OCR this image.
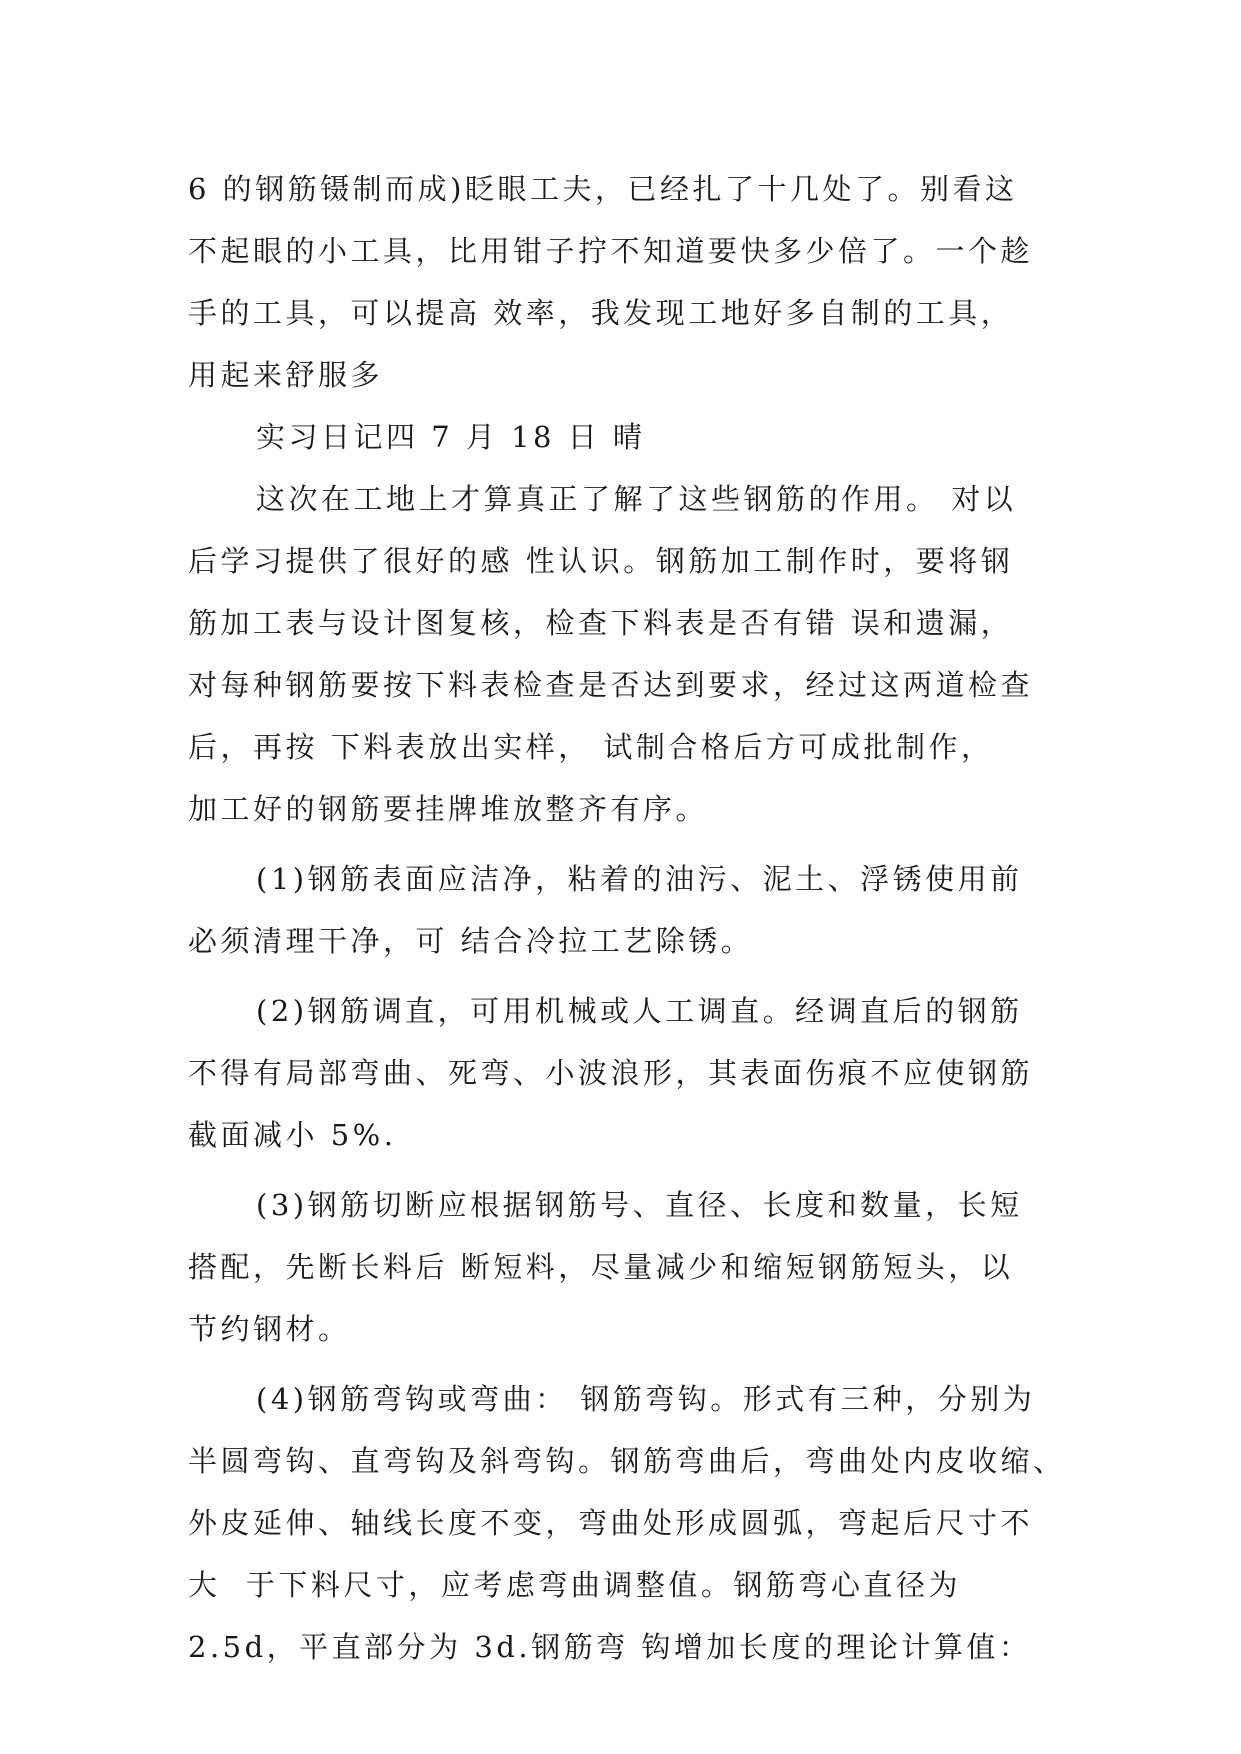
6 的钢筋镊制而成)眨眼工夫，已经扎了十几处了。别看这
不起眼的小工具，比用钳子拧不知道要快多少倍了。一个趁
手的工具，可以提高 效率，我发现工地好多自制的工具，
用起来舒服多
实习日记四 7 月 18 日 晴
这次在工地上才算真正了解了这些钢筋的作用。 对以
后学习提供了很好的感 性认识。钢筋加工制作时，要将钢
筋加工表与设计图复核，检查下料表是否有错 误和遗漏，
对每种钢筋要按下料表检查是否达到要求，经过这两道检查
后，再按 下料表放出实样， 试制合格后方可成批制作，
加工好的钢筋要挂牌堆放整齐有序。
(1)钢筋表面应洁净，粘着的油污、泥土、浮锈使用前
必须清理干净，可 结合冷拉工艺除锈。
(2)钢筋调直，可用机械或人工调直。经调直后的钢筋
不得有局部弯曲、死弯、小波浪形，其表面伤痕不应使钢筋
截面减小 5%.
(3)钢筋切断应根据钢筋号、直径、长度和数量，长短
搭配，先断长料后 断短料，尽量减少和缩短钢筋短头，以
节约钢材。
(4)钢筋弯钩或弯曲： 钢筋弯钩。形式有三种，分别为
半圆弯钩、直弯钩及斜弯钩。钢筋弯曲后，弯曲处内皮收缩、
外皮延伸、轴线长度不变，弯曲处形成圆弧，弯起后尺寸不
大  于下料尺寸，应考虑弯曲调整值。钢筋弯心直径为
2.5d，平直部分为 3d.钢筋弯 钩增加长度的理论计算值：
